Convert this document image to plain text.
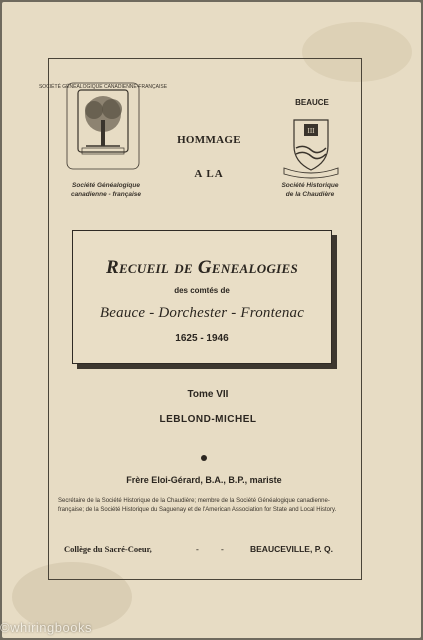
SOCIÉTÉ GÉNÉALOGIQUE CANADIENNE-FRANÇAISE
BEAUCE
III
HOMMAGE
A LA
Société Généalogique
canadienne - française
Société Historique
de la Chaudière
Recueil de Genealogies
des comtés de
Beauce - Dorchester - Frontenac
1625 - 1946
Tome VII
LEBLOND-MICHEL
Frère Eloi-Gérard, B.A., B.P., mariste
Secrétaire de la Société Historique de la Chaudière; membre de la Société Généalogique canadienne-française; de la Société Historique du Saguenay et de l'American Association for State and Local History.
Collège du Sacré-Coeur,	- - BEAUCEVILLE, P. Q.
©whiringbooks
